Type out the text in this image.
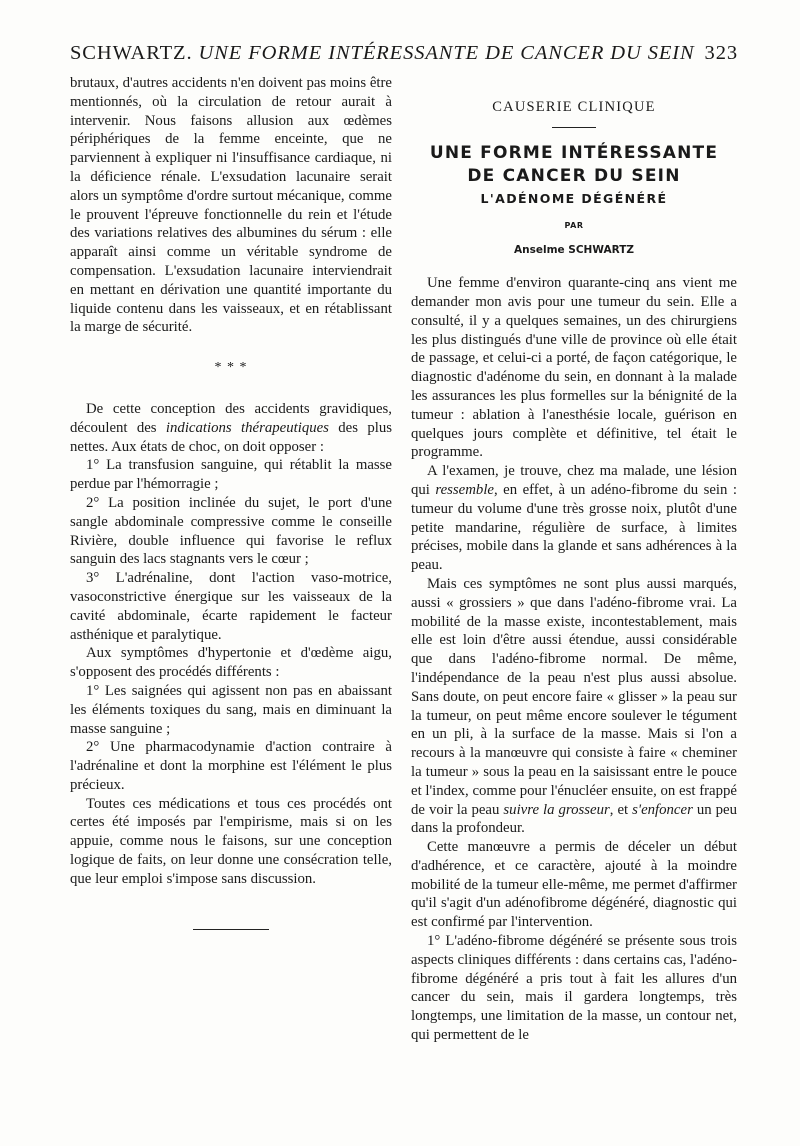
SCHWARTZ. UNE FORME INTÉRESSANTE DE CANCER DU SEIN 323

brutaux, d'autres accidents n'en doivent pas moins être mentionnés, où la circulation de retour aurait à intervenir. Nous faisons allusion aux œdèmes périphériques de la femme enceinte, que ne parviennent à expliquer ni l'insuffisance cardiaque, ni la déficience rénale. L'exsudation lacunaire serait alors un symptôme d'ordre surtout mécanique, comme le prouvent l'épreuve fonctionnelle du rein et l'étude des variations relatives des albumines du sérum : elle apparaît ainsi comme un véritable syndrome de compensation. L'exsudation lacunaire interviendrait en mettant en dérivation une quantité importante du liquide contenu dans les vaisseaux, et en rétablissant la marge de sécurité.

* * *

De cette conception des accidents gravidiques, découlent des indications thérapeutiques des plus nettes. Aux états de choc, on doit opposer :

1° La transfusion sanguine, qui rétablit la masse perdue par l'hémorragie ;

2° La position inclinée du sujet, le port d'une sangle abdominale compressive comme le conseille Rivière, double influence qui favorise le reflux sanguin des lacs stagnants vers le cœur ;

3° L'adrénaline, dont l'action vaso-motrice, vasoconstrictive énergique sur les vaisseaux de la cavité abdominale, écarte rapidement le facteur asthénique et paralytique.

Aux symptômes d'hypertonie et d'œdème aigu, s'opposent des procédés différents :

1° Les saignées qui agissent non pas en abaissant les éléments toxiques du sang, mais en diminuant la masse sanguine ;

2° Une pharmacodynamie d'action contraire à l'adrénaline et dont la morphine est l'élément le plus précieux.

Toutes ces médications et tous ces procédés ont certes été imposés par l'empirisme, mais si on les appuie, comme nous le faisons, sur une conception logique de faits, on leur donne une consécration telle, que leur emploi s'impose sans discussion.

CAUSERIE CLINIQUE
UNE FORME INTÉRESSANTE
DE CANCER DU SEIN
L'ADÉNOME DÉGÉNÉRÉ
PAR
Anselme SCHWARTZ

Une femme d'environ quarante-cinq ans vient me demander mon avis pour une tumeur du sein. Elle a consulté, il y a quelques semaines, un des chirurgiens les plus distingués d'une ville de province où elle était de passage, et celui-ci a porté, de façon catégorique, le diagnostic d'adénome du sein, en donnant à la malade les assurances les plus formelles sur la bénignité de la tumeur : ablation à l'anesthésie locale, guérison en quelques jours complète et définitive, tel était le programme.

A l'examen, je trouve, chez ma malade, une lésion qui ressemble, en effet, à un adéno-fibrome du sein : tumeur du volume d'une très grosse noix, plutôt d'une petite mandarine, régulière de surface, à limites précises, mobile dans la glande et sans adhérences à la peau.

Mais ces symptômes ne sont plus aussi marqués, aussi « grossiers » que dans l'adéno-fibrome vrai. La mobilité de la masse existe, incontestablement, mais elle est loin d'être aussi étendue, aussi considérable que dans l'adéno-fibrome normal. De même, l'indépendance de la peau n'est plus aussi absolue. Sans doute, on peut encore faire « glisser » la peau sur la tumeur, on peut même encore soulever le tégument en un pli, à la surface de la masse. Mais si l'on a recours à la manœuvre qui consiste à faire « cheminer la tumeur » sous la peau en la saisissant entre le pouce et l'index, comme pour l'énucléer ensuite, on est frappé de voir la peau suivre la grosseur, et s'enfoncer un peu dans la profondeur.

Cette manœuvre a permis de déceler un début d'adhérence, et ce caractère, ajouté à la moindre mobilité de la tumeur elle-même, me permet d'affirmer qu'il s'agit d'un adénofibrome dégénéré, diagnostic qui est confirmé par l'intervention.

1° L'adéno-fibrome dégénéré se présente sous trois aspects cliniques différents : dans certains cas, l'adéno-fibrome dégénéré a pris tout à fait les allures d'un cancer du sein, mais il gardera longtemps, très longtemps, une limitation de la masse, un contour net, qui permettent de le
